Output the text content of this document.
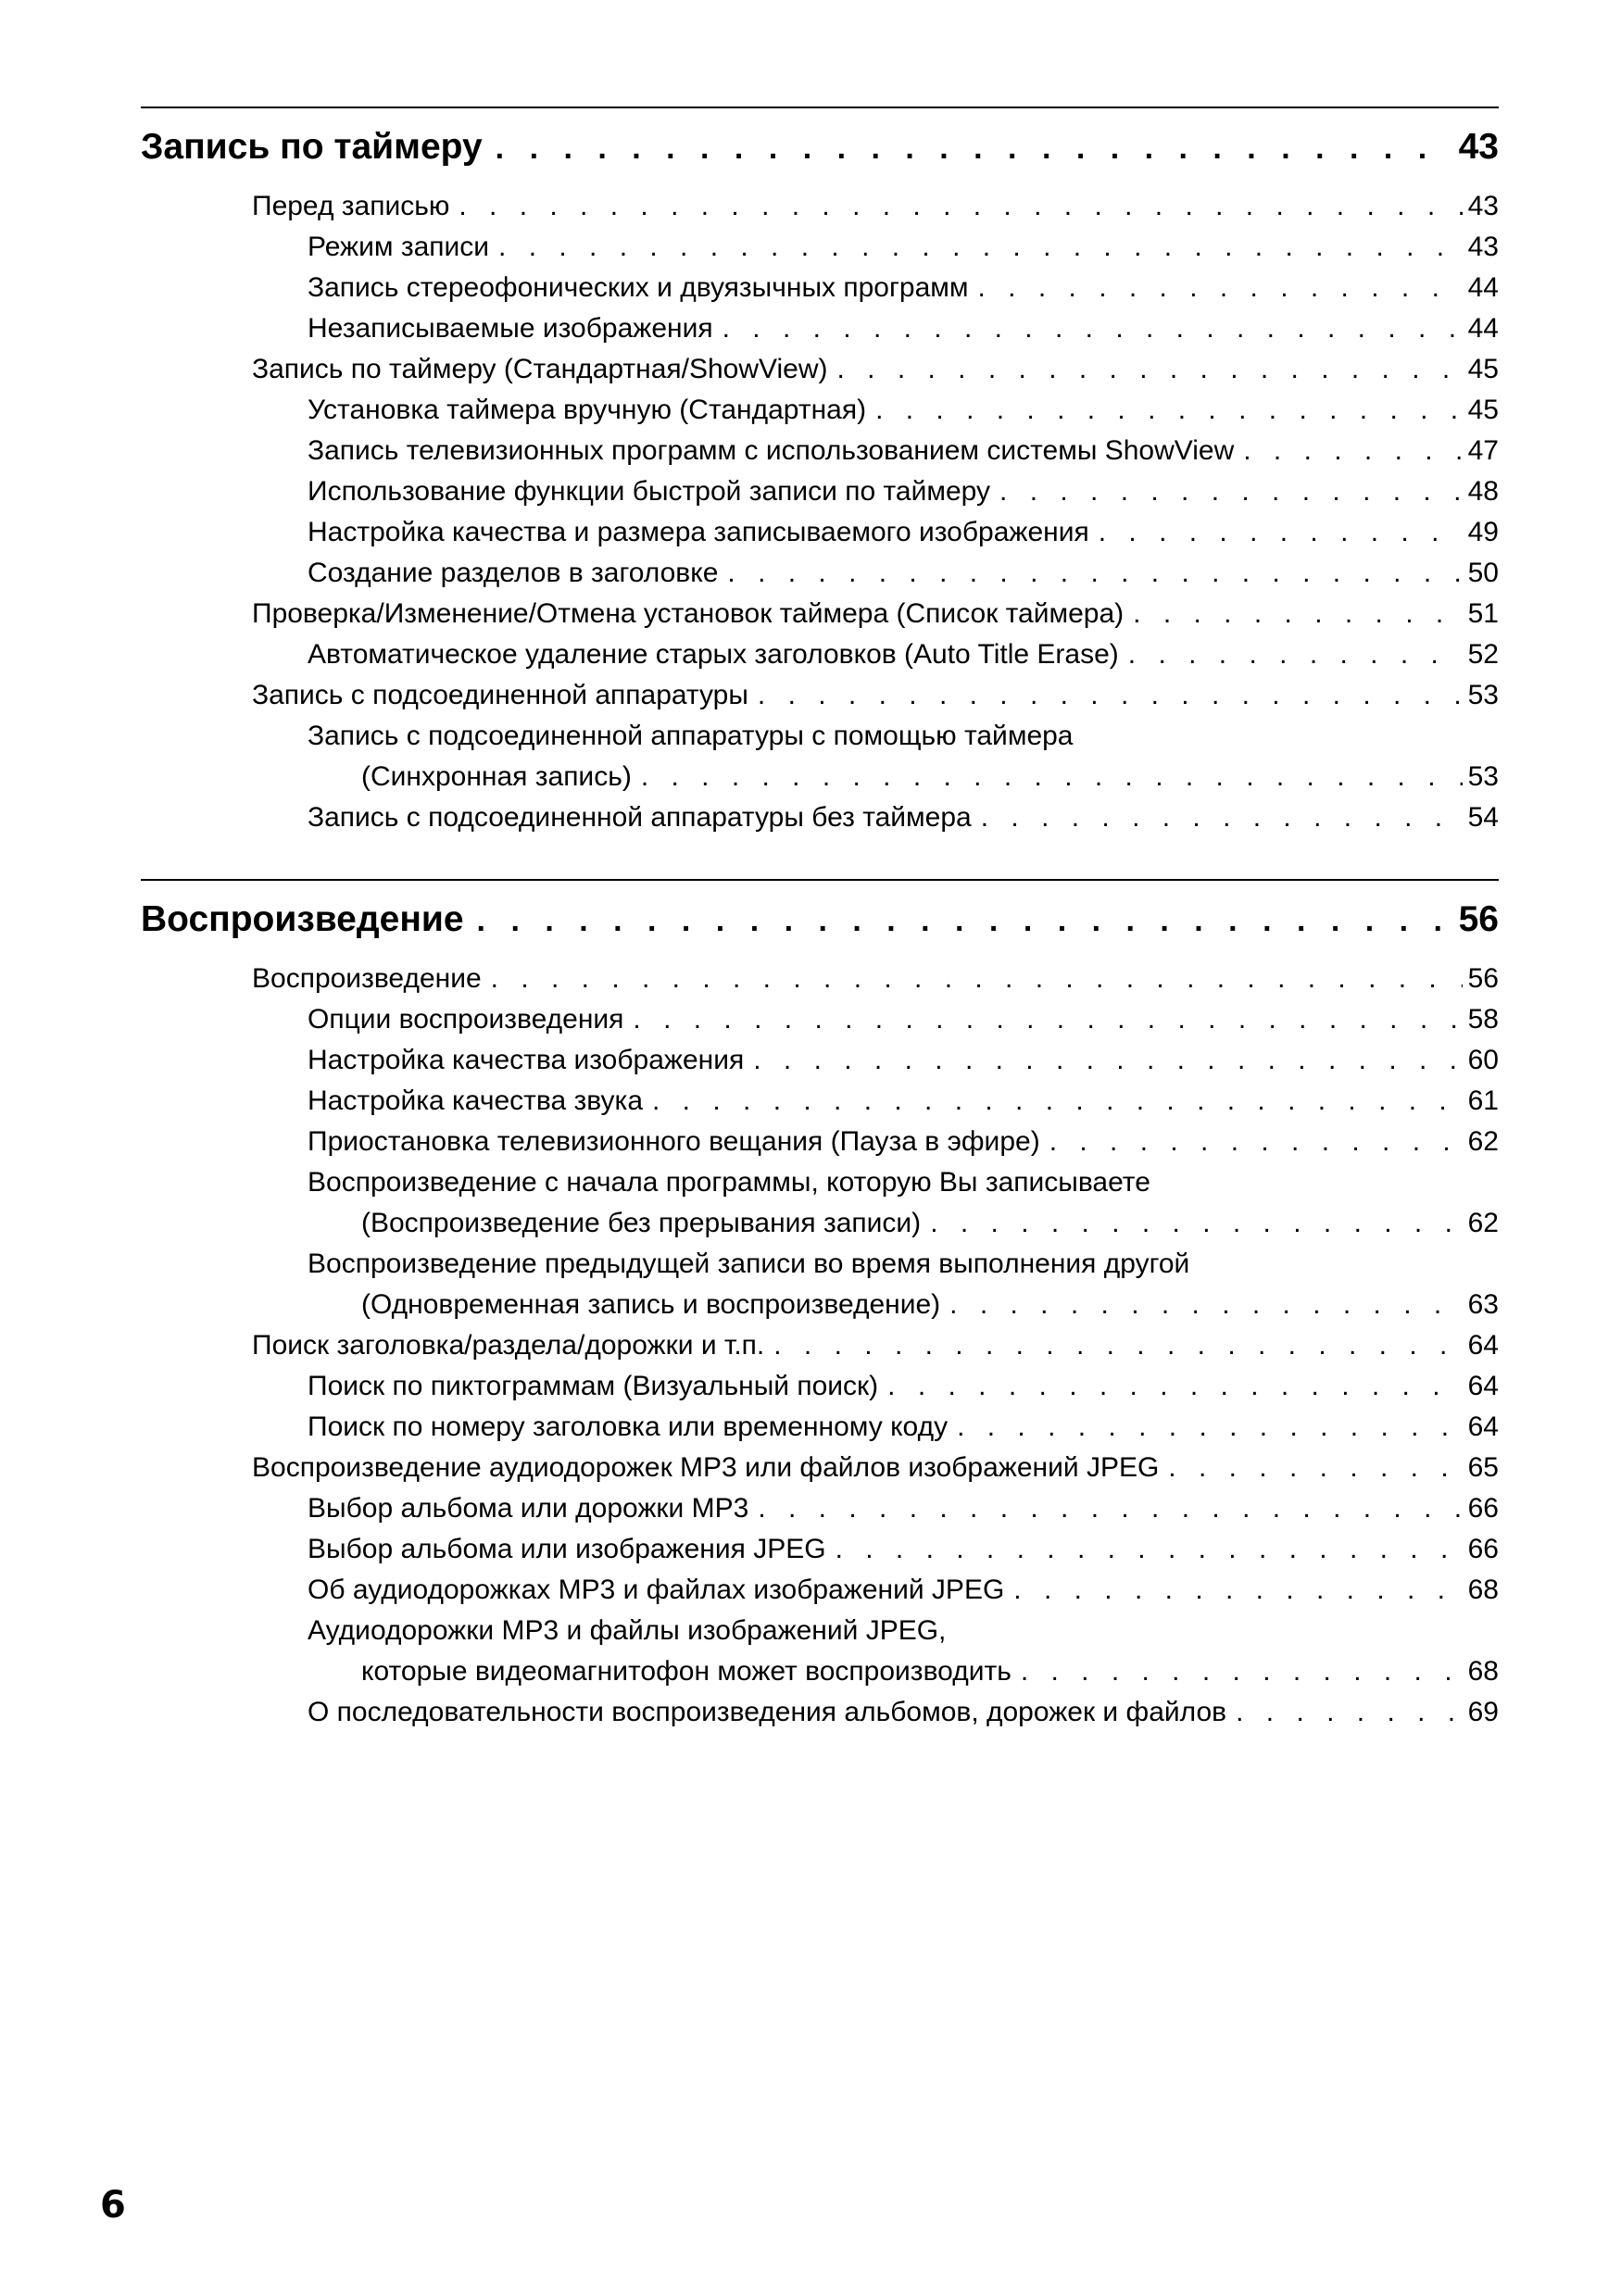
Запись по таймеру . . .	43
Перед записью . . .	43
Режим записи . . .	43
Запись стереофонических и двуязычных программ . . .	44
Незаписываемые изображения . . .	44
Запись по таймеру (Стандартная/ShowView) . . .	45
Установка таймера вручную (Стандартная) . . .	45
Запись телевизионных программ с использованием системы ShowView . . .	47
Использование функции быстрой записи по таймеру . . .	48
Настройка качества и размера записываемого изображения . . .	49
Создание разделов в заголовке . . .	50
Проверка/Изменение/Отмена установок таймера (Список таймера) . . .	51
Автоматическое удаление старых заголовков (Auto Title Erase) . . .	52
Запись с подсоединенной аппаратуры . . .	53
Запись с подсоединенной аппаратуры с помощью таймера
(Синхронная запись) . . .	53
Запись с подсоединенной аппаратуры без таймера . . .	54
Воспроизведение . . .	56
Воспроизведение . . .	56
Опции воспроизведения . . .	58
Настройка качества изображения . . .	60
Настройка качества звука . . .	61
Приостановка телевизионного вещания (Пауза в эфире) . . .	62
Воспроизведение с начала программы, которую Вы записываете
(Воспроизведение без прерывания записи) . . .	62
Воспроизведение предыдущей записи во время выполнения другой
(Одновременная запись и воспроизведение) . . .	63
Поиск заголовка/раздела/дорожки и т.п. . . .	64
Поиск по пиктограммам (Визуальный поиск) . . .	64
Поиск по номеру заголовка или временному коду . . .	64
Воспроизведение аудиодорожек MP3 или файлов изображений JPEG . . .	65
Выбор альбома или дорожки MP3 . . .	66
Выбор альбома или изображения JPEG . . .	66
Об аудиодорожках MP3 и файлах изображений JPEG . . .	68
Аудиодорожки MP3 и файлы изображений JPEG,
которые видеомагнитофон может воспроизводить . . .	68
О последовательности воспроизведения альбомов, дорожек и файлов . . .	69
6
